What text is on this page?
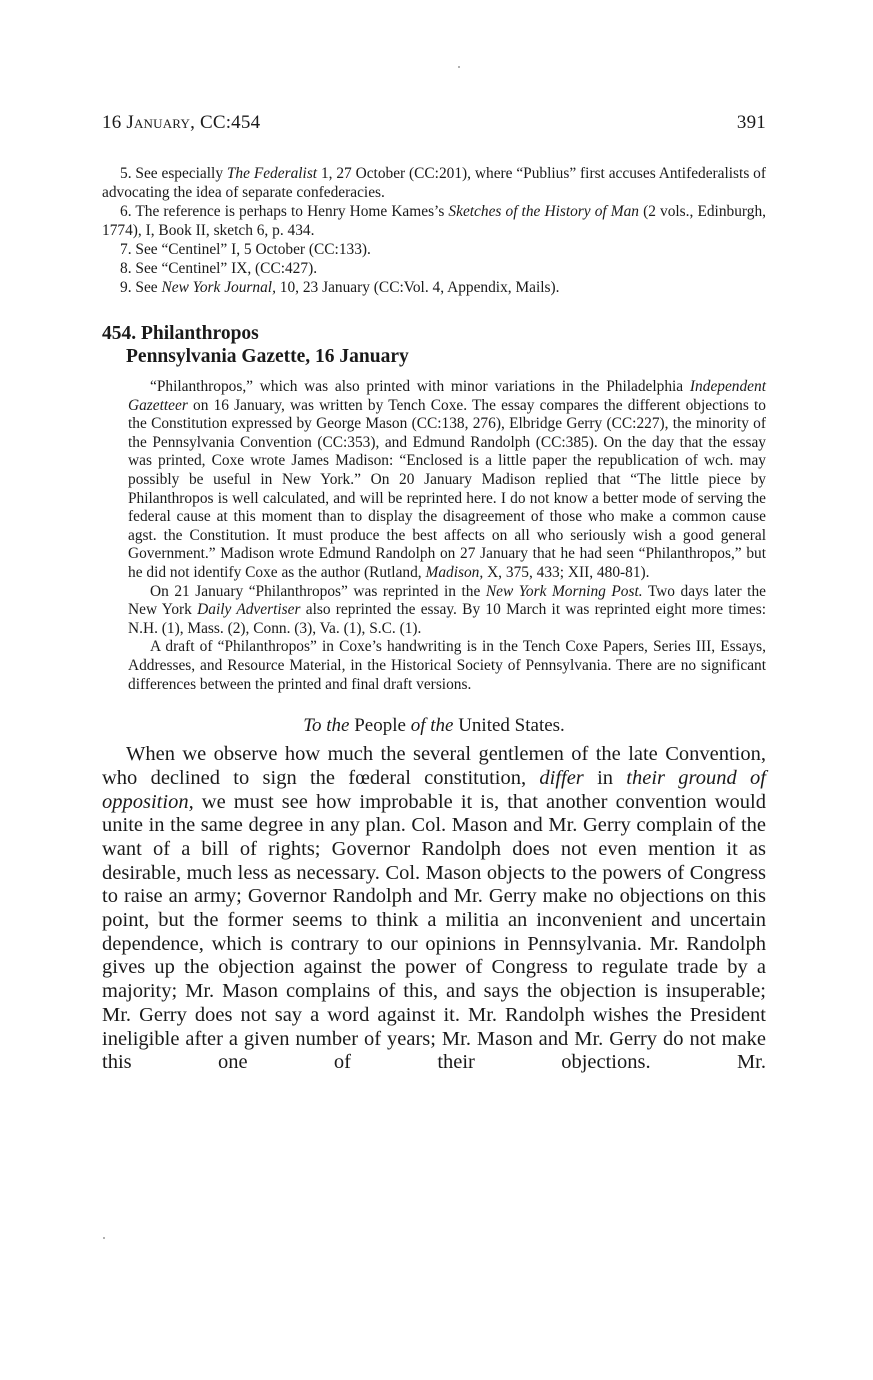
16 January, CC:454	391

5. See especially The Federalist 1, 27 October (CC:201), where “Publius” first accuses Antifederalists of advocating the idea of separate confederacies.

6. The reference is perhaps to Henry Home Kames’s Sketches of the History of Man (2 vols., Edinburgh, 1774), I, Book II, sketch 6, p. 434.

7. See “Centinel” I, 5 October (CC:133).

8. See “Centinel” IX, (CC:427).

9. See New York Journal, 10, 23 January (CC:Vol. 4, Appendix, Mails).

454. Philanthropos
Pennsylvania Gazette, 16 January

“Philanthropos,” which was also printed with minor variations in the Philadelphia Independent Gazetteer on 16 January, was written by Tench Coxe. The essay compares the different objections to the Constitution expressed by George Mason (CC:138, 276), Elbridge Gerry (CC:227), the minority of the Pennsylvania Convention (CC:353), and Edmund Randolph (CC:385). On the day that the essay was printed, Coxe wrote James Madison: “Enclosed is a little paper the republication of wch. may possibly be useful in New York.” On 20 January Madison replied that “The little piece by Philanthropos is well calculated, and will be reprinted here. I do not know a better mode of serving the federal cause at this moment than to display the disagreement of those who make a common cause agst. the Constitution. It must produce the best affects on all who seriously wish a good general Government.” Madison wrote Edmund Randolph on 27 January that he had seen “Philanthropos,” but he did not identify Coxe as the author (Rutland, Madison, X, 375, 433; XII, 480-81).

On 21 January “Philanthropos” was reprinted in the New York Morning Post. Two days later the New York Daily Advertiser also reprinted the essay. By 10 March it was reprinted eight more times: N.H. (1), Mass. (2), Conn. (3), Va. (1), S.C. (1).

A draft of “Philanthropos” in Coxe’s handwriting is in the Tench Coxe Papers, Series III, Essays, Addresses, and Resource Material, in the Historical Society of Pennsylvania. There are no significant differences between the printed and final draft versions.

To the People of the United States.

When we observe how much the several gentlemen of the late Convention, who declined to sign the fœderal constitution, differ in their ground of opposition, we must see how improbable it is, that another convention would unite in the same degree in any plan. Col. Mason and Mr. Gerry complain of the want of a bill of rights; Governor Randolph does not even mention it as desirable, much less as necessary. Col. Mason objects to the powers of Congress to raise an army; Governor Randolph and Mr. Gerry make no objections on this point, but the former seems to think a militia an inconvenient and uncertain dependence, which is contrary to our opinions in Pennsylvania. Mr. Randolph gives up the objection against the power of Congress to regulate trade by a majority; Mr. Mason complains of this, and says the objection is insuperable; Mr. Gerry does not say a word against it. Mr. Randolph wishes the President ineligible after a given number of years; Mr. Mason and Mr. Gerry do not make this one of their objections. Mr.
